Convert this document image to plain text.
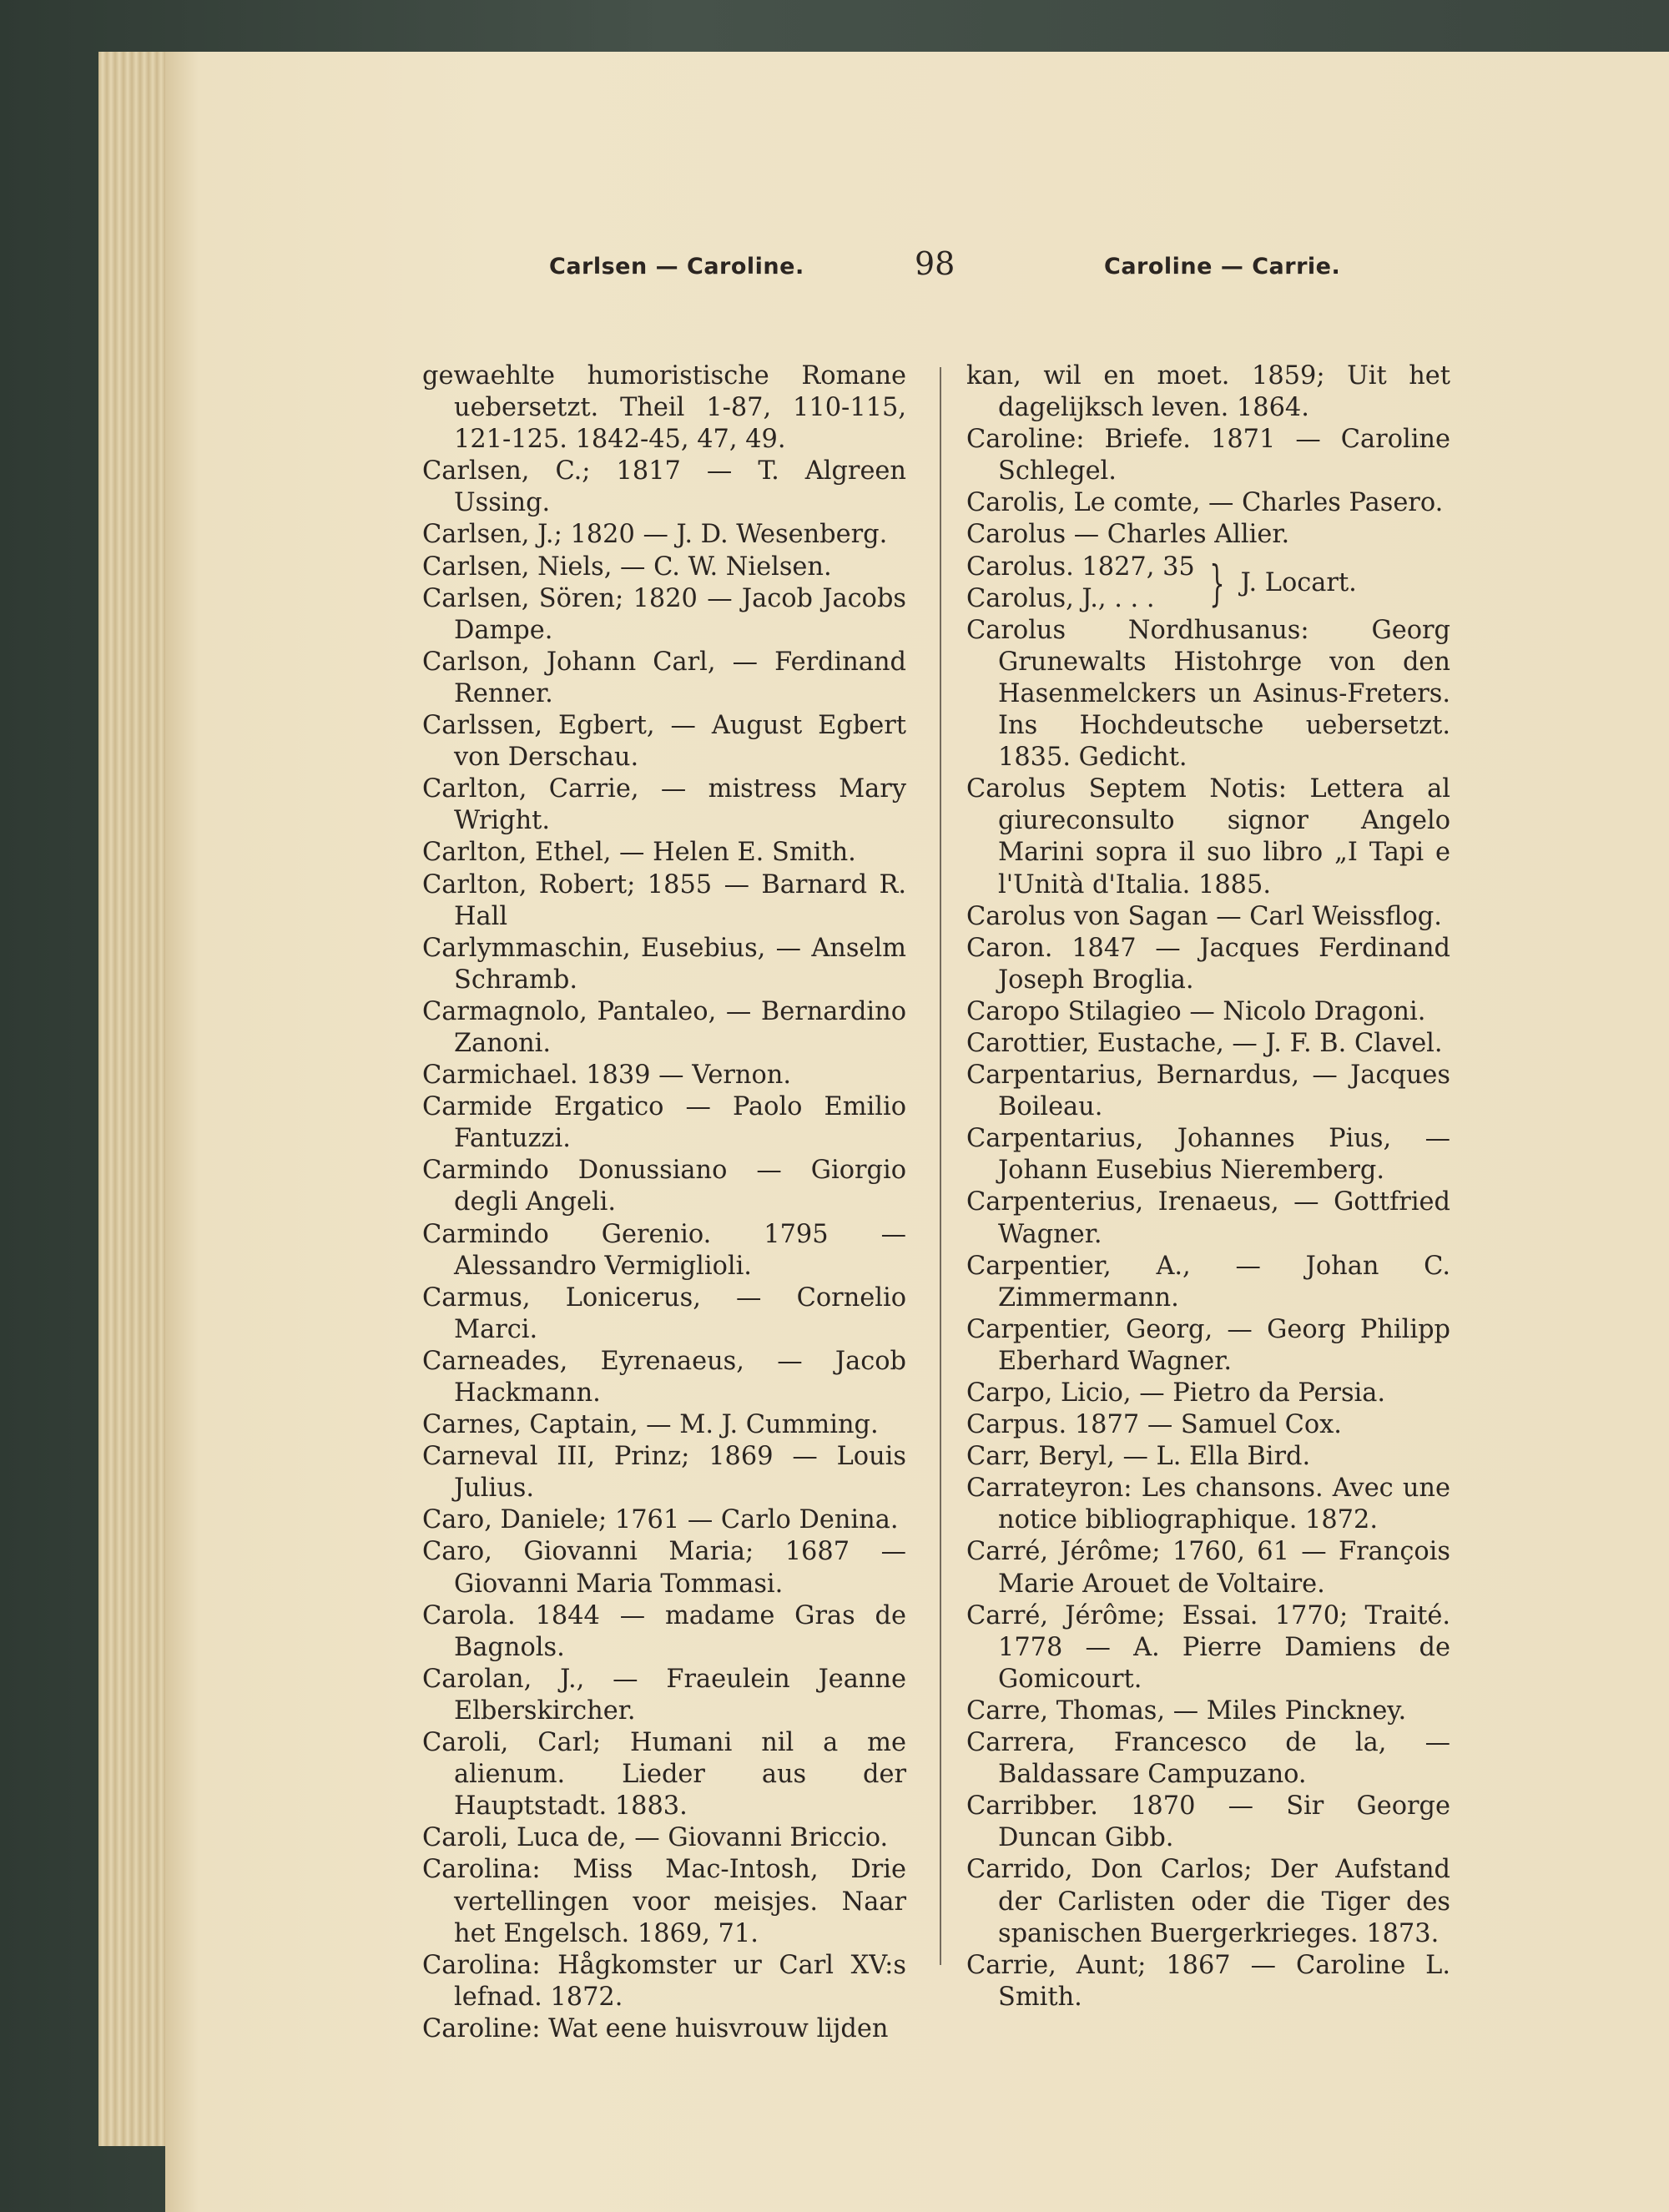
Carlsen — Caroline.	98	Caroline — Carrie.
gewaehlte humoristische Romane uebersetzt. Theil 1-87, 110-115, 121-125. 1842-45, 47, 49.
Carlsen, C.; 1817 — T. Algreen Ussing.
Carlsen, J.; 1820 — J. D. Wesenberg.
Carlsen, Niels, — C. W. Nielsen.
Carlsen, Sören; 1820 — Jacob Jacobs Dampe.
Carlson, Johann Carl, — Ferdinand Renner.
Carlssen, Egbert, — August Egbert von Derschau.
Carlton, Carrie, — mistress Mary Wright.
Carlton, Ethel, — Helen E. Smith.
Carlton, Robert; 1855 — Barnard R. Hall
Carlymmaschin, Eusebius, — Anselm Schramb.
Carmagnolo, Pantaleo, — Bernardino Zanoni.
Carmichael. 1839 — Vernon.
Carmide Ergatico — Paolo Emilio Fantuzzi.
Carmindo Donussiano — Giorgio degli Angeli.
Carmindo Gerenio. 1795 — Alessandro Vermiglioli.
Carmus, Lonicerus, — Cornelio Marci.
Carneades, Eyrenaeus, — Jacob Hackmann.
Carnes, Captain, — M. J. Cumming.
Carneval III, Prinz; 1869 — Louis Julius.
Caro, Daniele; 1761 — Carlo Denina.
Caro, Giovanni Maria; 1687 — Giovanni Maria Tommasi.
Carola. 1844 — madame Gras de Bagnols.
Carolan, J., — Fraeulein Jeanne Elberskircher.
Caroli, Carl; Humani nil a me alienum. Lieder aus der Hauptstadt. 1883.
Caroli, Luca de, — Giovanni Briccio.
Carolina: Miss Mac-Intosh, Drie vertellingen voor meisjes. Naar het Engelsch. 1869, 71.
Carolina: Hågkomster ur Carl XV:s lefnad. 1872.
Caroline: Wat eene huisvrouw lijden
kan, wil en moet. 1859; Uit het dagelijksch leven. 1864.
Caroline: Briefe. 1871 — Caroline Schlegel.
Carolis, Le comte, — Charles Pasero.
Carolus — Charles Allier.
Carolus. 1827, 35
Carolus, J., . . .	} J. Locart.
Carolus Nordhusanus: Georg Grunewalts Histohrge von den Hasenmelckers un Asinus-Freters. Ins Hochdeutsche uebersetzt. 1835. Gedicht.
Carolus Septem Notis: Lettera al giureconsulto signor Angelo Marini sopra il suo libro „I Tapi e l'Unità d'Italia. 1885.
Carolus von Sagan — Carl Weissflog.
Caron. 1847 — Jacques Ferdinand Joseph Broglia.
Caropo Stilagieo — Nicolo Dragoni.
Carottier, Eustache, — J. F. B. Clavel.
Carpentarius, Bernardus, — Jacques Boileau.
Carpentarius, Johannes Pius, — Johann Eusebius Nieremberg.
Carpenterius, Irenaeus, — Gottfried Wagner.
Carpentier, A., — Johan C. Zimmermann.
Carpentier, Georg, — Georg Philipp Eberhard Wagner.
Carpo, Licio, — Pietro da Persia.
Carpus. 1877 — Samuel Cox.
Carr, Beryl, — L. Ella Bird.
Carrateyron: Les chansons. Avec une notice bibliographique. 1872.
Carré, Jérôme; 1760, 61 — François Marie Arouet de Voltaire.
Carré, Jérôme; Essai. 1770; Traité. 1778 — A. Pierre Damiens de Gomicourt.
Carre, Thomas, — Miles Pinckney.
Carrera, Francesco de la, — Baldassare Campuzano.
Carribber. 1870 — Sir George Duncan Gibb.
Carrido, Don Carlos; Der Aufstand der Carlisten oder die Tiger des spanischen Buergerkrieges. 1873.
Carrie, Aunt; 1867 — Caroline L. Smith.
